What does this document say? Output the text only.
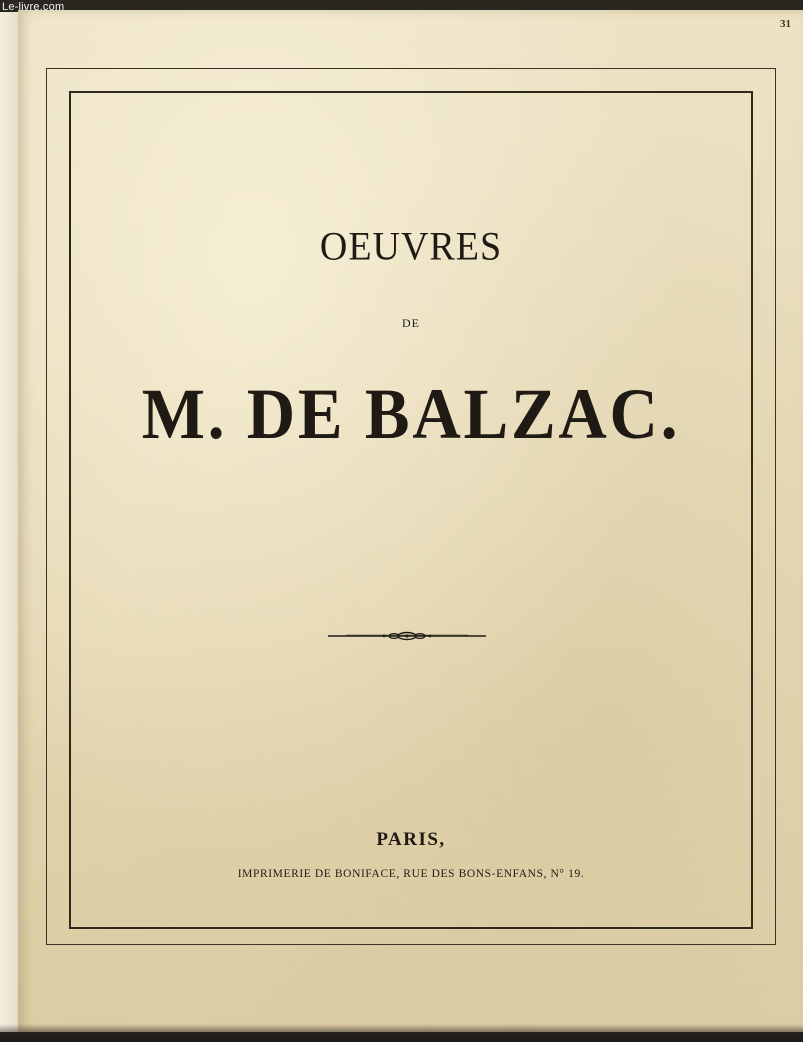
Le-livre.com
31
OEUVRES
DE
M. DE BALZAC.
PARIS,
IMPRIMERIE DE BONIFACE, RUE DES BONS-ENFANS, N° 19.
